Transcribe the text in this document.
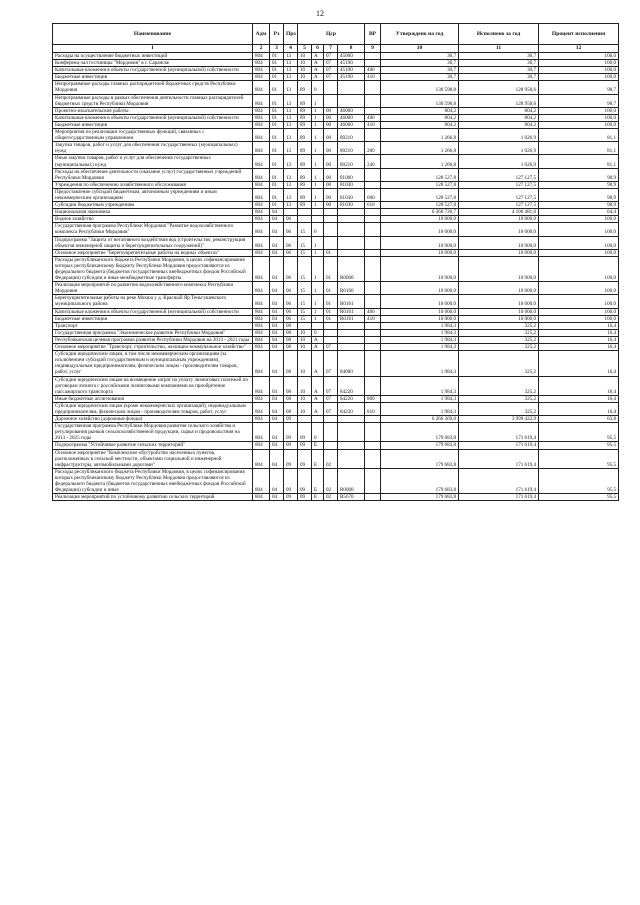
12
Наименование	Адм	Рз	Прз	Цср				ВР	Утверждено на год	Исполнено за год	Процент исполнения
1	2	3	4	5	6	7	8	9	10	11	12
Расходы на осуществление бюджетных инвестиций	804	01	13	10	А	07	45000		30,7	30,7	100,0
Конференц-зал гостиницы "Мордовия" в г. Саранске	804	01	13	10	А	07	45190		30,7	30,7	100,0
Капитальные вложения в объекты государственной (муниципальной) собственности	804	01	13	10	А	07	45190	400	30,7	30,7	100,0
Бюджетные инвестиции	804	01	13	10	А	07	45190	410	30,7	30,7	100,0
Непрограммные расходы главных распорядителей бюджетных средств Республики Мордовия	804	01	13	89	0				130 598,8	128 958,6	98,7
Непрограммные расходы в рамках обеспечения деятельности главных распорядителей бюджетных средств Республики Мордовия	804	01	13	89	1				130 598,8	128 958,6	98,7
Проектно-изыскательские работы	804	01	13	89	1	00	46000		804,2	804,2	100,0
Капитальные вложения в объекты государственной (муниципальной) собственности	804	01	13	89	1	00	46000	400	804,2	804,2	100,0
Бюджетные инвестиции	804	01	13	89	1	00	46000	410	804,2	804,2	100,0
Мероприятия по реализации государственных функций, связанных с общегосударственным управлением	804	01	13	89	1	00	80210		1 266,8	1 026,9	81,1
Закупка товаров, работ и услуг для обеспечения государственных (муниципальных) нужд	804	01	13	89	1	00	80210	200	1 266,8	1 026,9	81,1
Иные закупки товаров, работ и услуг для обеспечения государственных (муниципальных) нужд	804	01	13	89	1	00	80210	240	1 266,8	1 026,9	81,1
Расходы на обеспечение деятельности (оказание услуг) государственных учреждений Республики Мордовия	804	01	13	89	1	00	81000		128 527,8	127 127,5	98,9
Учреждения по обеспечению хозяйственного обслуживания	804	01	13	89	1	00	81030		128 527,8	127 127,5	98,9
Предоставление субсидий бюджетным, автономным учреждениям и иным некоммерческим организациям	804	01	13	89	1	00	81030	600	128 527,8	127 127,5	98,9
Субсидии бюджетным учреждениям	804	01	13	89	1	00	81030	610	128 527,8	127 127,5	98,9
Национальная экономика	804	04							6 368 726,7	4 100 481,6	64,4
Водное хозяйство	804	04	06						10 000,0	10 000,0	100,0
Государственная программа Республики Мордовия "Развитие водохозяйственного комплекса Республики Мордовия"	804	04	06	15	0				10 000,0	10 000,0	100,0
Подпрограмма "Защита от негативного воздействия вод (строительство, реконструкция объектов инженерной защиты и берегоукрепительных сооружений)"	804	04	06	15	1				10 000,0	10 000,0	100,0
Основное мероприятие "Берегоукрепительные работы на водных объектах"	804	04	06	15	1	01			10 000,0	10 000,0	100,0
Расходы республиканского бюджета Республики Мордовия, в целях софинансирования которых республиканскому бюджету Республики Мордовия предоставляются из федерального бюджета (бюджетов государственных внебюджетных фондов Российской Федерации) субсидии и иные межбюджетные трансферты	804	04	06	15	1	01	R0000		10 000,0	10 000,0	100,0
Реализация мероприятий по развитию водохозяйственного комплекса Республики Мордовия	804	04	06	15	1	01	R0160		10 000,0	10 000,0	100,0
Берегоукрепительные работы на реке Мокша у д. Красный Яр Теньгушевского муниципального района	804	04	06	15	1	01	R0161		10 000,0	10 000,0	100,0
Капитальные вложения в объекты государственной (муниципальной) собственности	804	04	06	15	1	01	R0161	400	10 000,0	10 000,0	100,0
Бюджетные инвестиции	804	04	06	15	1	01	R0161	410	10 000,0	10 000,0	100,0
Транспорт	804	04	08						1 984,3	325,2	16,4
Государственная программа "Экономическое развитие Республики Мордовия"	804	04	08	10	0				1 984,3	325,2	16,4
Республиканская целевая программа развития Республики Мордовия на 2013 - 2021 годы	804	04	08	10	А				1 984,3	325,2	16,4
Основное мероприятие "Транспорт, строительство, жилищно-коммунальное хозяйство"	804	04	08	10	А	07			1 984,3	325,2	16,4
Субсидии юридическим лицам, в том числе некоммерческим организациям (за исключением субсидий государственным и муниципальным учреждениям), индивидуальным предпринимателям, физическим лицам - производителям товаров, работ, услуг	804	04	08	10	А	07	84000		1 984,3	325,2	16,4
Субсидии юридическим лицам на возмещение затрат на уплату лизинговых платежей по договорам лизинга с российскими лизинговыми компаниями на приобретение пассажирского транспорта	804	04	08	10	А	07	84220		1 984,3	325,2	16,4
Иные бюджетные ассигнования	804	04	08	10	А	07	84220	800	1 984,3	325,2	16,4
Субсидии юридическим лицам (кроме некоммерческих организаций), индивидуальным предпринимателям, физическим лицам - производителям товаров, работ, услуг	804	04	08	10	А	07	84220	810	1 984,3	325,2	16,4
Дорожное хозяйство (дорожные фонды)	804	04	09						6 266 369,0	3 999 422,9	63,8
Государственная программа Республики Мордовия развития сельского хозяйства и регулирования рынков сельскохозяйственной продукции, сырья и продовольствия на 2013 - 2025 годы	804	04	09	09	0				179 683,8	171 619,4	95,5
Подпрограмма "Устойчивое развитие сельских территорий"	804	04	09	09	Е				179 683,8	171 619,4	95,5
Основное мероприятие "Комплексное обустройство населенных пунктов, расположенных в сельской местности, объектами социальной и инженерной инфраструктуры, автомобильными дорогами"	804	04	09	09	Е	02			179 683,8	171 619,4	95,5
Расходы республиканского бюджета Республики Мордовия, в целях софинансирования которых республиканскому бюджету Республики Мордовия предоставляются из федерального бюджета (бюджетов государственных внебюджетных фондов Российской Федерации) субсидии и иные	804	04	09	09	Е	02	R0000		179 683,8	171 619,4	95,5
Реализация мероприятий по устойчивому развитию сельских территорий	804	04	09	09	Е	02	R5670		179 683,8	171 619,4	95,5
